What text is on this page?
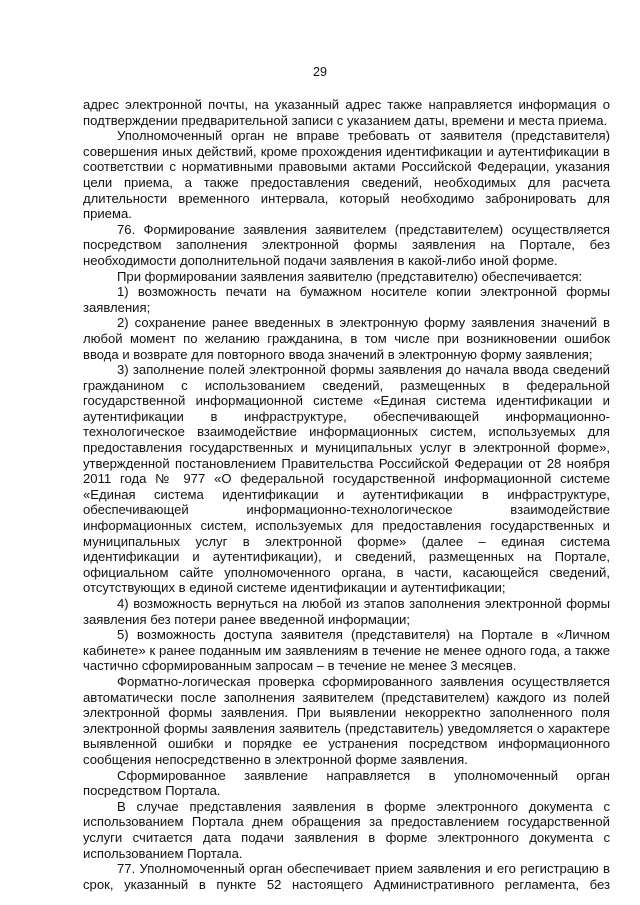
29

адрес электронной почты, на указанный адрес также направляется информация о подтверждении предварительной записи с указанием даты, времени и места приема.

Уполномоченный орган не вправе требовать от заявителя (представителя) совершения иных действий, кроме прохождения идентификации и аутентификации в соответствии с нормативными правовыми актами Российской Федерации, указания цели приема, а также предоставления сведений, необходимых для расчета длительности временного интервала, который необходимо забронировать для приема.

76. Формирование заявления заявителем (представителем) осуществляется посредством заполнения электронной формы заявления на Портале, без необходимости дополнительной подачи заявления в какой-либо иной форме.

При формировании заявления заявителю (представителю) обеспечивается:

1) возможность печати на бумажном носителе копии электронной формы заявления;

2) сохранение ранее введенных в электронную форму заявления значений в любой момент по желанию гражданина, в том числе при возникновении ошибок ввода и возврате для повторного ввода значений в электронную форму заявления;

3) заполнение полей электронной формы заявления до начала ввода сведений гражданином с использованием сведений, размещенных в федеральной государственной информационной системе «Единая система идентификации и аутентификации в инфраструктуре, обеспечивающей информационно-технологическое взаимодействие информационных систем, используемых для предоставления государственных и муниципальных услуг в электронной форме», утвержденной постановлением Правительства Российской Федерации от 28 ноября 2011 года № 977 «О федеральной государственной информационной системе «Единая система идентификации и аутентификации в инфраструктуре, обеспечивающей информационно-технологическое взаимодействие информационных систем, используемых для предоставления государственных и муниципальных услуг в электронной форме» (далее – единая система идентификации и аутентификации), и сведений, размещенных на Портале, официальном сайте уполномоченного органа, в части, касающейся сведений, отсутствующих в единой системе идентификации и аутентификации;

4) возможность вернуться на любой из этапов заполнения электронной формы заявления без потери ранее введенной информации;

5) возможность доступа заявителя (представителя) на Портале в «Личном кабинете» к ранее поданным им заявлениям в течение не менее одного года, а также частично сформированным запросам – в течение не менее 3 месяцев.

Форматно-логическая проверка сформированного заявления осуществляется автоматически после заполнения заявителем (представителем) каждого из полей электронной формы заявления. При выявлении некорректно заполненного поля электронной формы заявления заявитель (представитель) уведомляется о характере выявленной ошибки и порядке ее устранения посредством информационного сообщения непосредственно в электронной форме заявления.

Сформированное заявление направляется в уполномоченный орган посредством Портала.

В случае представления заявления в форме электронного документа с использованием Портала днем обращения за предоставлением государственной услуги считается дата подачи заявления в форме электронного документа с использованием Портала.

77. Уполномоченный орган обеспечивает прием заявления и его регистрацию в срок, указанный в пункте 52 настоящего Административного регламента, без
